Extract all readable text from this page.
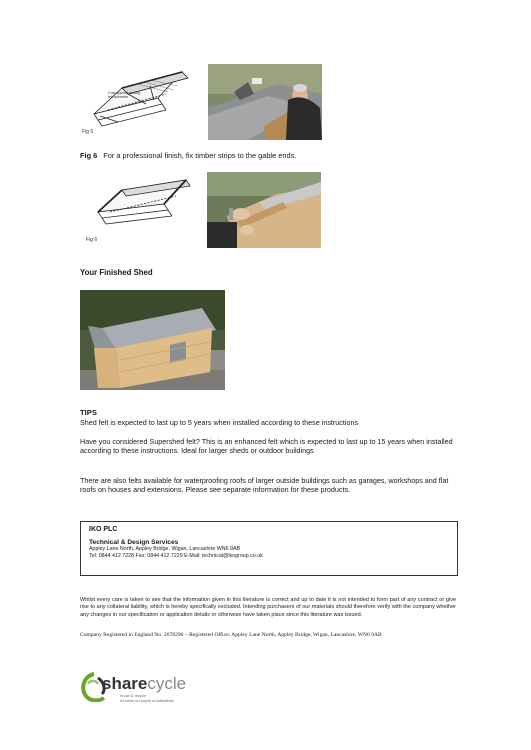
Cold applied roofing felt adhesive
Fig 5
Fig 6 For a professional finish, fix timber strips to the gable ends.
Fig 6
Your Finished Shed
TIPS
Shed felt is expected to last up to 5 years when installed according to these instructions
Have you considered Supershed felt? This is an enhanced felt which is expected to last up to 15 years when installed according to these instructions. Ideal for larger sheds or outdoor buildings
There are also felts available for waterproofing roofs of larger outside buildings such as garages, workshops and flat roofs on houses and extensions. Please see separate information for these products.
IKO PLC
Technical & Design Services
Appley Lane North, Appley Bridge, Wigan, Lancashire WN6 9AB
Tel: 0844 412 7228 Fax: 0844 412 7229 E-Mail: technical@ikogroup.co.uk
Whilst every care is taken to see that the information given in this literature is correct and up to date it is not intended to form part of any contract or give rise to any collateral liability, which is hereby specifically excluded. Intending purchasers of our materials should therefore verify with the company whether any changes in our specification or application details or otherwise have taken place since this literature was issued.
Company Registered in England No. 2678296 – Registered Office: Appley Lane North, Appley Bridge, Wigan, Lancashire, WN6 9AB
sharecycle
re-use & recycle
it's better to recycle or redistribute
